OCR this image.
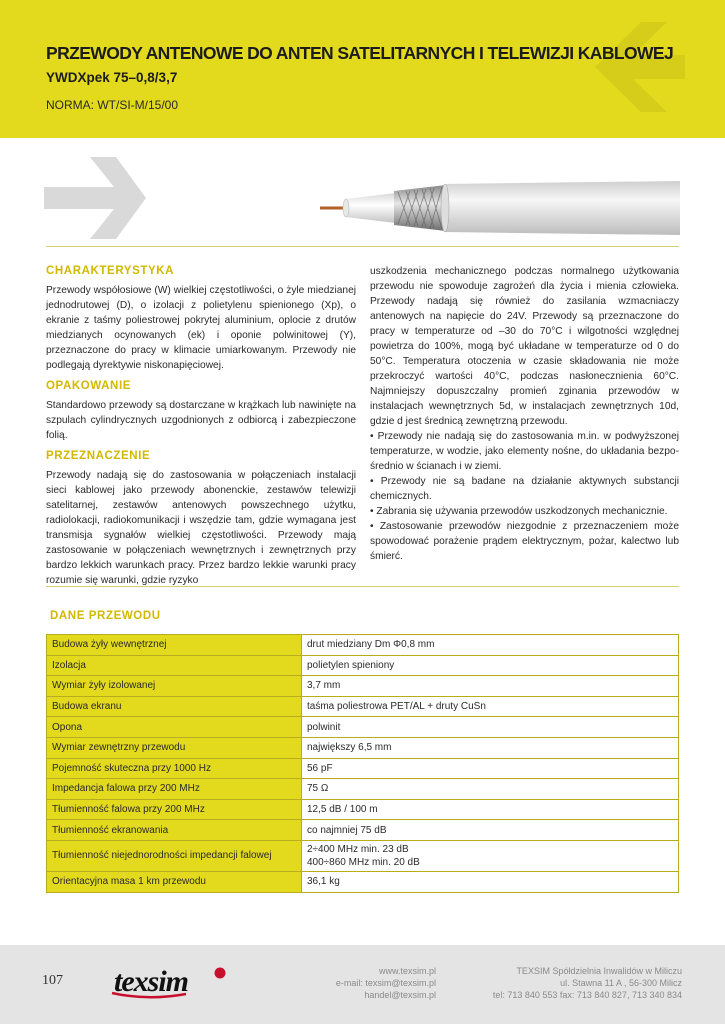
PRZEWODY ANTENOWE DO ANTEN SATELITARNYCH I TELEWIZJI KABLOWEJ
YWDXpek 75–0,8/3,7
NORMA: WT/SI-M/15/00
CHARAKTERYSTYKA

Przewody współosiowe (W) wielkiej częstotliwości, o żyle miedzianej jednodrutowej (D), o izolacji z polietylenu spienionego (Xp), o ekranie z taśmy poliestrowej pokrytej aluminium, oplocie z drutów miedzianych ocynowanych (ek) i oponie polwinitowej (Y), przeznaczone do pracy w klimacie umiarkowanym. Przewody nie podlegają dyrektywie niskonapięciowej.

OPAKOWANIE

Standardowo przewody są dostarczane w krążkach lub nawinięte na szpulach cylindrycznych uzgodnionych z odbiorcą i zabezpieczone folią.

PRZEZNACZENIE

Przewody nadają się do zastosowania w połączeniach instalacji sieci kablowej jako przewody abonenckie, zestawów telewizji satelitarnej, zestawów antenowych powszechnego użytku, radiolokacji, radiokomunikacji i wszędzie tam, gdzie wymagana jest transmisja sygnałów wielkiej częstotliwości. Przewody mają zastosowanie w połączeniach wewnętrznych i zewnętrznych przy bardzo lekkich warunkach pracy. Przez bardzo lekkie warunki pracy rozumie się warunki, gdzie ryzyko

uszkodzenia mechanicznego podczas normalnego użytkowania przewodu nie spowoduje zagrożeń dla życia i mienia człowieka. Przewody nadają się również do zasilania wzmacniaczy antenowych na napięcie do 24V. Przewody są przeznaczone do pracy w temperaturze od –30 do 70°C i wilgotności względnej powietrza do 100%, mogą być układane w temperaturze od 0 do 50°C. Temperatura otoczenia w czasie składowania nie może przekroczyć wartości 40°C, podczas nasłonecznienia 60°C. Najmniejszy dopuszczalny promień zginania przewodów w instalacjach wewnętrznych 5d, w instalacjach zewnętrznych 10d, gdzie d jest średnicą zewnętrzną przewodu.

• Przewody nie nadają się do zastosowania m.in. w podwyższonej temperaturze, w wodzie, jako elementy nośne, do układania bezpośrednio w ścianach i w ziemi.

• Przewody nie są badane na działanie aktywnych substancji chemicznych.

• Zabrania się używania przewodów uszkodzonych mechanicznie.

• Zastosowanie przewodów niezgodnie z przeznaczeniem może spowodować porażenie prądem elektrycznym, pożar, kalectwo lub śmierć.

DANE PRZEWODU
Budowa żyły wewnętrznej	drut miedziany Dm Φ0,8 mm
Izolacja	polietylen spieniony
Wymiar żyły izolowanej	3,7 mm
Budowa ekranu	taśma poliestrowa PET/AL + druty CuSn
Opona	polwinit
Wymiar zewnętrzny przewodu	największy 6,5 mm
Pojemność skuteczna przy 1000 Hz	56 pF
Impedancja falowa przy 200 MHz	75 Ω
Tłumienność falowa przy 200 MHz	12,5 dB / 100 m
Tłumienność ekranowania	co najmniej 75 dB
Tłumienność niejednorodności impedancji falowej	2÷400 MHz min. 23 dB
400÷860 MHz min. 20 dB

Orientacyjna masa 1 km przewodu	36,1 kg
107 texsim	www.texsim.pl
e-mail: texsim@texsim.pl
handel@texsim.pl
TEXSIM Spółdzielnia Inwalidów w Miliczu
ul. Stawna 11 A , 56-300 Milicz
tel: 713 840 553 fax: 713 840 827, 713 340 834
